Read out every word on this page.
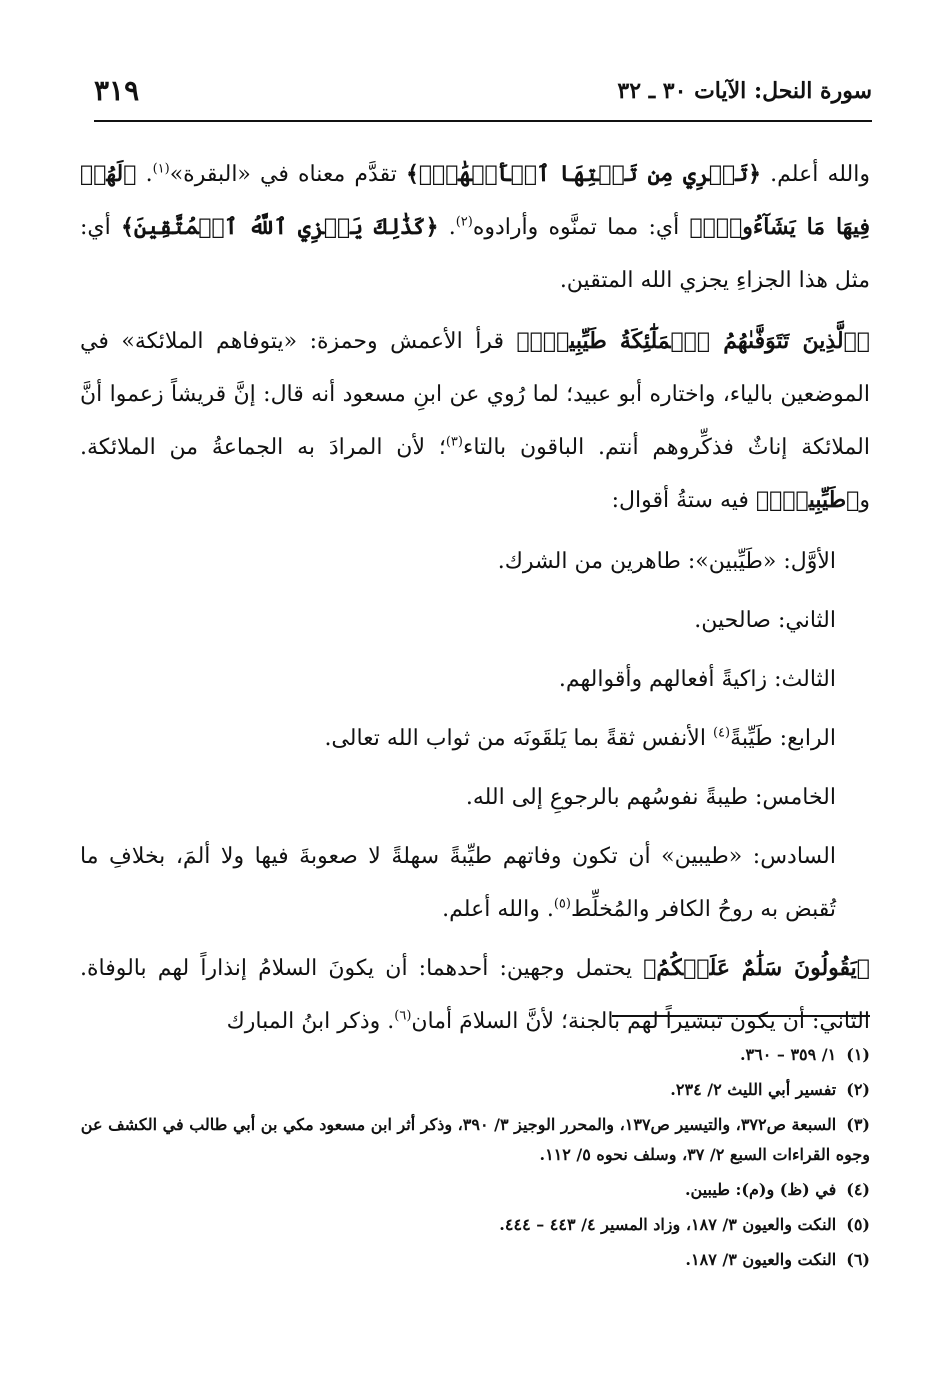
سورة النحل: الآيات ٣٠ ـ ٣٢
٣١٩

والله أعلم. ﴿تَجۡرِي مِن تَحۡتِهَا ٱلۡأَنۡهَٰرُۖ﴾ تقدَّم معناه في «البقرة»$^{(١)}$. ﴿لَهُمۡ فِيهَا مَا يَشَآءُونَۚ﴾ أي: مما تمنَّوه وأرادوه$^{(٢)}$. ﴿كَذَٰلِكَ يَجۡزِي ٱللَّهُ ٱلۡمُتَّقِينَ﴾ أي: مثل هذا الجزاءِ يجزي الله المتقين.

﴿ٱلَّذِينَ تَتَوَفَّىٰهُمُ ٱلۡمَلَٰٓئِكَةُ طَيِّبِينَۙ﴾ قرأ الأعمش وحمزة: «يتوفاهم الملائكة» في الموضعين بالياء، واختاره أبو عبيد؛ لما رُوي عن ابنِ مسعود أنه قال: إنَّ قريشاً زعموا أنَّ الملائكة إناثٌ فذكِّروهم أنتم. الباقون بالتاء$^{(٣)}$؛ لأن المرادَ به الجماعةُ من الملائكة. و﴿طَيِّبِينَۙ﴾ فيه ستةُ أقوال:

الأوَّل: «طَيِّبين»: طاهرين من الشرك.

الثاني: صالحين.

الثالث: زاكيةً أفعالهم وأقوالهم.

الرابع: طَيِّبةً$^{(٤)}$ الأنفس ثقةً بما يَلقَونَه من ثواب الله تعالى.

الخامس: طيبةً نفوسُهم بالرجوعِ إلى الله.

السادس: «طيبين» أن تكون وفاتهم طيِّبةً سهلةً لا صعوبةَ فيها ولا ألمَ، بخلافِ ما تُقبض به روحُ الكافر والمُخلِّط$^{(٥)}$. والله أعلم.

﴿يَقُولُونَ سَلَٰمٌ عَلَيۡكُمُ﴾ يحتمل وجهين: أحدهما: أن يكونَ السلامُ إنذاراً لهم بالوفاة. الثاني: أن يكون تبشيراً لهم بالجنة؛ لأنَّ السلامَ أمان$^{(٦)}$. وذكر ابنُ المبارك

(١)١/ ٣٥٩ – ٣٦٠.
(٢)تفسير أبي الليث ٢/ ٢٣٤.
(٣)السبعة ص٣٧٢، والتيسير ص١٣٧، والمحرر الوجيز ٣/ ٣٩٠، وذكر أثر ابن مسعود مكي بن أبي طالب في الكشف عن وجوه القراءات السبع ٢/ ٣٧، وسلف نحوه ٥/ ١١٢.
(٤)في (ظ) و(م): طيبين.
(٥)النكت والعيون ٣/ ١٨٧، وزاد المسير ٤/ ٤٤٣ – ٤٤٤.
(٦)النكت والعيون ٣/ ١٨٧.
